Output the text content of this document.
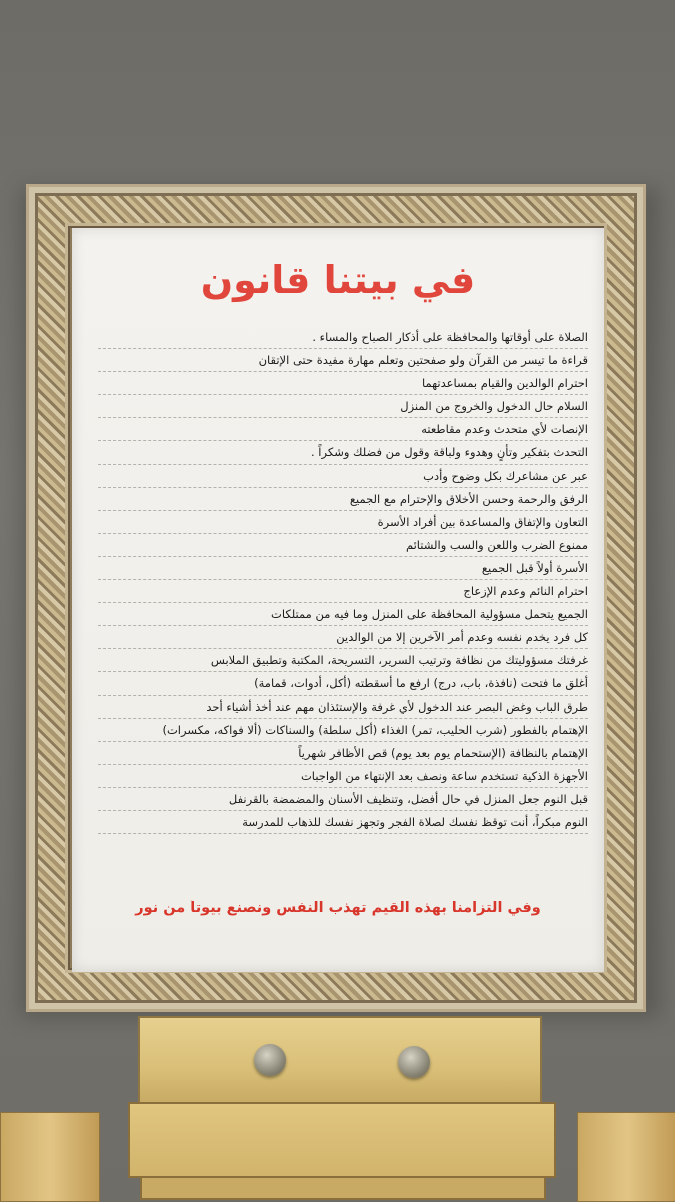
في بيتنا قانون
الصلاة على أوقاتها والمحافظة على أذكار الصباح والمساء .
قراءة ما تيسر من القرآن ولو صفحتين وتعلم مهارة مفيدة حتى الإتقان
احترام الوالدين والقيام بمساعدتهما
السلام حال الدخول والخروج من المنزل
الإنصات لأي متحدث وعدم مقاطعته
التحدث بتفكير وتأنٍ وهدوء ولباقة وقول من فضلك وشكراً .
عبر عن مشاعرك بكل وضوح وأدب
الرفق والرحمة وحسن الأخلاق والإحترام مع الجميع
التعاون والإتفاق والمساعدة بين أفراد الأسرة
ممنوع الضرب واللعن والسب والشتائم
الأسرة أولاً قبل الجميع
احترام النائم وعدم الإزعاج
الجميع يتحمل مسؤولية المحافظة على المنزل وما فيه من ممتلكات
كل فرد يخدم نفسه وعدم أمر الآخرين إلا من الوالدين
غرفتك مسؤوليتك من نظافة وترتيب السرير، التسريحة، المكتبة وتطبيق الملابس
أغلق ما فتحت (نافذة، باب، درج) ارفع ما أسقطته (أكل، أدوات، قمامة)
طرق الباب وغض البصر عند الدخول لأي غرفة والإستئذان مهم عند أخذ أشياء أحد
الإهتمام بالفطور (شرب الحليب، تمر) الغذاء (أكل سلطة) والسناكات (ألا فواكه، مكسرات)
الإهتمام بالنظافة (الإستحمام يوم بعد يوم) قص الأظافر شهرياً
الأجهزة الذكية تستخدم ساعة ونصف بعد الإنتهاء من الواجبات
قبل النوم جعل المنزل في حال أفضل، وتنظيف الأسنان والمضمضة بالقرنفل
النوم مبكراً، أنت توقظ نفسك لصلاة الفجر وتجهز نفسك للذهاب للمدرسة
وفي التزامنا بهذه القيم تهذب النفس ونصنع بيوتاً من نور
